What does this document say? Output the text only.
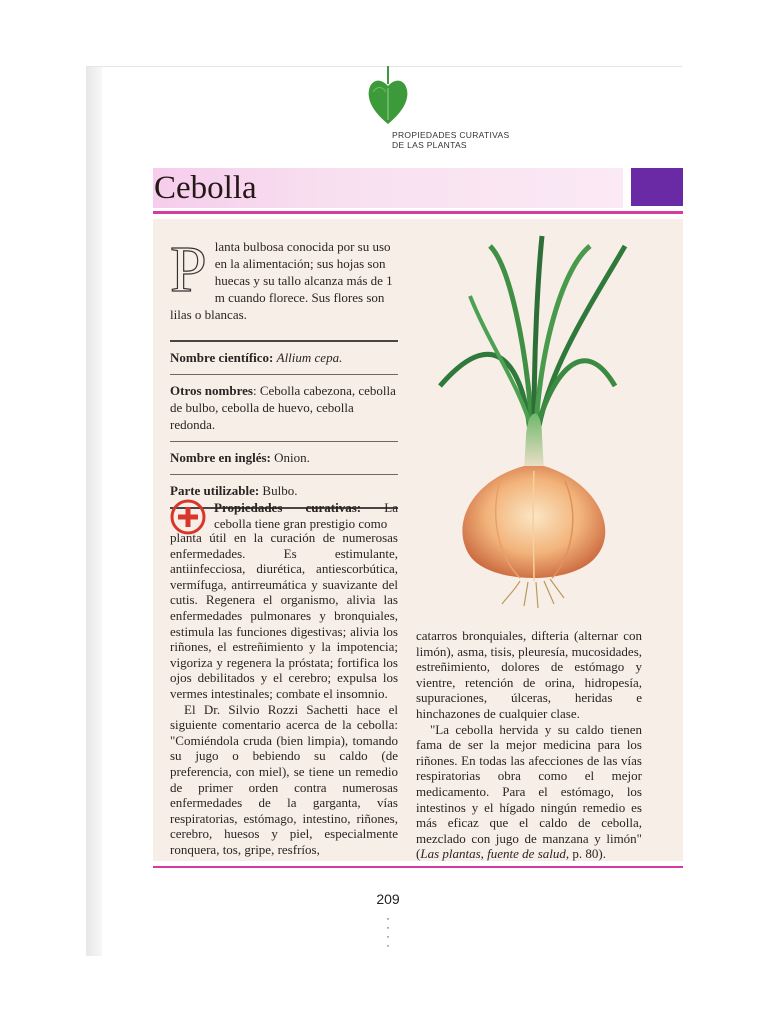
PROPIEDADES CURATIVAS
DE LAS PLANTAS
Cebolla
Planta bulbosa conocida por su uso en la alimentación; sus hojas son huecas y su tallo alcanza más de 1 m cuando florece. Sus flores son lilas o blancas.
Nombre científico: Allium cepa.
Otros nombres: Cebolla cabezona, cebolla de bulbo, cebolla de huevo, cebolla redonda.
Nombre en inglés: Onion.
Parte utilizable: Bulbo.

Propiedades curativas: La cebolla tiene gran prestigio como

planta útil en la curación de numerosas enfermedades. Es estimulante, antiinfecciosa, diurética, antiescorbútica, vermífuga, antirreumática y suavizante del cutis. Regenera el organismo, alivia las enfermedades pulmonares y bronquiales, estimula las funciones digestivas; alivia los riñones, el estreñimiento y la impotencia; vigoriza y regenera la próstata; fortifica los ojos debilitados y el cerebro; expulsa los vermes intestinales; combate el insomnio.

El Dr. Silvio Rozzi Sachetti hace el siguiente comentario acerca de la cebolla: "Comiéndola cruda (bien limpia), tomando su jugo o bebiendo su caldo (de preferencia, con miel), se tiene un remedio de primer orden contra numerosas enfermedades de la garganta, vías respiratorias, estómago, intestino, riñones, cerebro, huesos y piel, especialmente ronquera, tos, gripe, resfríos,

catarros bronquiales, difteria (alternar con limón), asma, tisis, pleuresía, mucosidades, estreñimiento, dolores de estómago y vientre, retención de orina, hidropesía, supuraciones, úlceras, heridas e hinchazones de cualquier clase.

"La cebolla hervida y su caldo tienen fama de ser la mejor medicina para los riñones. En todas las afecciones de las vías respiratorias obra como el mejor medicamento. Para el estómago, los intestinos y el hígado ningún remedio es más eficaz que el caldo de cebolla, mezclado con jugo de manzana y limón" (Las plantas, fuente de salud, p. 80).

209
·
·
·
·
